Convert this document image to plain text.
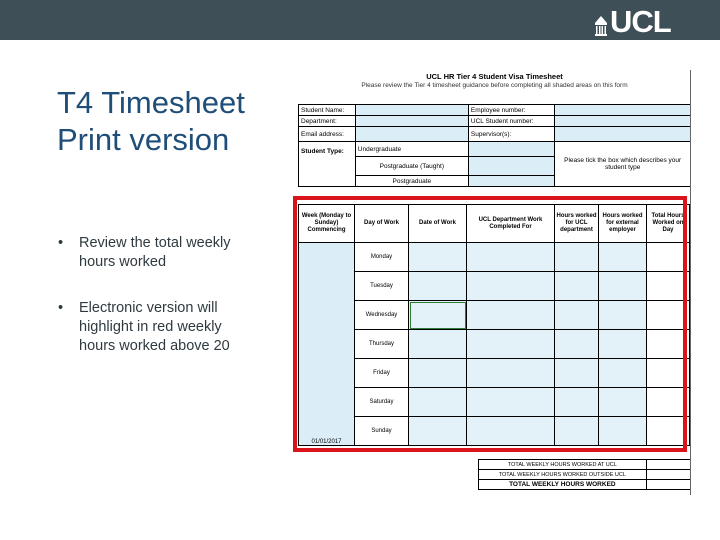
UCL
T4 Timesheet
Print version
• Review the total weekly hours worked
• Electronic version will highlight in red weekly hours worked above 20
UCL HR Tier 4 Student Visa Timesheet
Please review the Tier 4 timesheet guidance before completing all shaded areas on this form
Student Name:		Employee number:	
Department:		UCL Student number:	
Email address:		Supervisor(s):	
Student Type:	Undergraduate		Please tick the box which describes your student type
	Postgraduate (Taught)		
	Postgraduate		
Week (Monday to Sunday) Commencing	Day of Work	Date of Work	UCL Department Work Completed For	Hours worked for UCL department	Hours worked for external employer	Total Hours Worked on Day

01/01/2017	Monday					
	Tuesday					
	Wednesday					
	Thursday					
	Friday					
	Saturday					
	Sunday					
TOTAL WEEKLY HOURS WORKED AT UCL	
TOTAL WEEKLY HOURS WORKED OUTSIDE UCL	
TOTAL WEEKLY HOURS WORKED	
